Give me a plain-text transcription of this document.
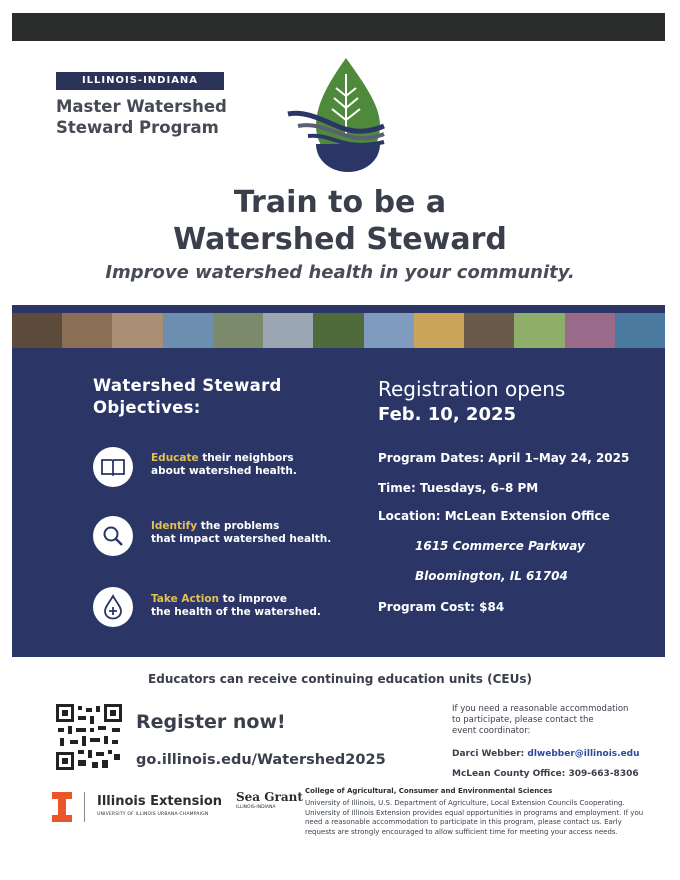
ILLINOIS-INDIANA
Master Watershed
Steward Program
Train to be a
Watershed Steward
Improve watershed health in your community.
Watershed Steward
Objectives:
Educate their neighbors
about watershed health.
Identify the problems
that impact watershed health.
Take Action to improve
the health of the watershed.
Registration opens
Feb. 10, 2025
Program Dates: April 1–May 24, 2025
Time: Tuesdays, 6–8 PM
Location: McLean Extension Office
1615 Commerce Parkway
Bloomington, IL 61704
Program Cost: $84
Educators can receive continuing education units (CEUs)
Register now!
go.illinois.edu/Watershed2025
If you need a reasonable accommodation
to participate, please contact the
event coordinator:
Darci Webber: dlwebber@illinois.edu
McLean County Office: 309-663-8306
Illinois Extension
UNIVERSITY OF ILLINOIS URBANA-CHAMPAIGN
Sea Grant
ILLINOIS-INDIANA
College of Agricultural, Consumer and Environmental Sciences
University of Illinois, U.S. Department of Agriculture, Local Extension Councils Cooperating. University of Illinois Extension provides equal opportunities in programs and employment. If you need a reasonable accommodation to participate in this program, please contact us. Early requests are strongly encouraged to allow sufficient time for meeting your access needs.
